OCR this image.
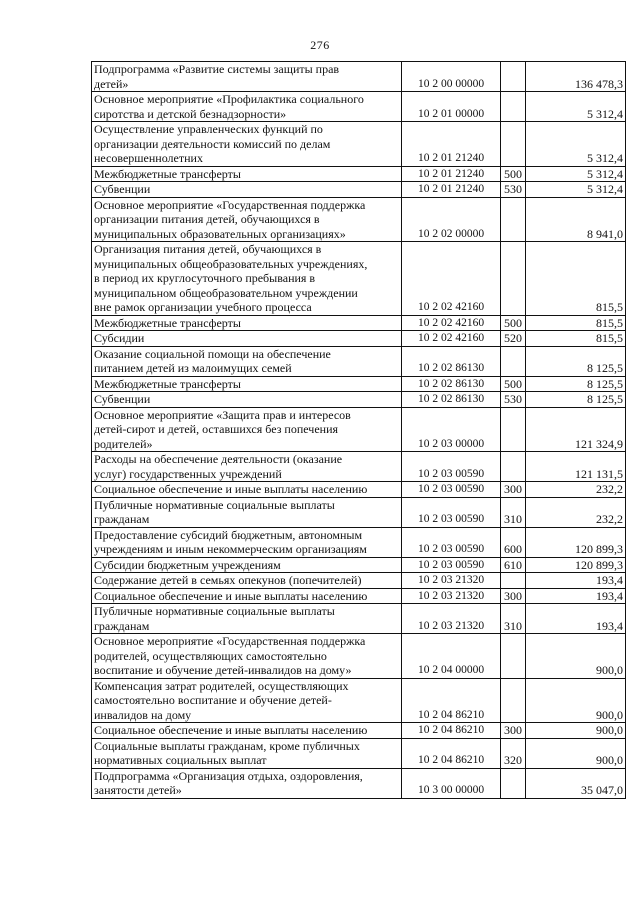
276
Подпрограмма «Развитие системы защиты прав
детей»	10 2 00 00000		136 478,3
Основное мероприятие «Профилактика социального
сиротства и детской безнадзорности»	10 2 01 00000		5 312,4
Осуществление управленческих функций по
организации деятельности комиссий по делам
несовершеннолетних	10 2 01 21240		5 312,4
Межбюджетные трансферты	10 2 01 21240	500	5 312,4
Субвенции	10 2 01 21240	530	5 312,4
Основное мероприятие «Государственная поддержка
организации питания детей, обучающихся в
муниципальных образовательных организациях»	10 2 02 00000		8 941,0
Организация питания детей, обучающихся в
муниципальных общеобразовательных учреждениях,
в период их круглосуточного пребывания в
муниципальном общеобразовательном учреждении
вне рамок организации учебного процесса	10 2 02 42160		815,5
Межбюджетные трансферты	10 2 02 42160	500	815,5
Субсидии	10 2 02 42160	520	815,5
Оказание социальной помощи на обеспечение
питанием детей из малоимущих семей	10 2 02 86130		8 125,5
Межбюджетные трансферты	10 2 02 86130	500	8 125,5
Субвенции	10 2 02 86130	530	8 125,5
Основное мероприятие «Защита прав и интересов
детей-сирот и детей, оставшихся без попечения
родителей»	10 2 03 00000		121 324,9
Расходы на обеспечение деятельности (оказание
услуг) государственных учреждений	10 2 03 00590		121 131,5
Социальное обеспечение и иные выплаты населению	10 2 03 00590	300	232,2
Публичные нормативные социальные выплаты
гражданам	10 2 03 00590	310	232,2
Предоставление субсидий бюджетным, автономным
учреждениям и иным некоммерческим организациям	10 2 03 00590	600	120 899,3
Субсидии бюджетным учреждениям	10 2 03 00590	610	120 899,3
Содержание детей в семьях опекунов (попечителей)	10 2 03 21320		193,4
Социальное обеспечение и иные выплаты населению	10 2 03 21320	300	193,4
Публичные нормативные социальные выплаты
гражданам	10 2 03 21320	310	193,4
Основное мероприятие «Государственная поддержка
родителей, осуществляющих самостоятельно
воспитание и обучение детей-инвалидов на дому»	10 2 04 00000		900,0
Компенсация затрат родителей, осуществляющих
самостоятельно воспитание и обучение детей-
инвалидов на дому	10 2 04 86210		900,0
Социальное обеспечение и иные выплаты населению	10 2 04 86210	300	900,0
Социальные выплаты гражданам, кроме публичных
нормативных социальных выплат	10 2 04 86210	320	900,0
Подпрограмма «Организация отдыха, оздоровления,
занятости детей»	10 3 00 00000		35 047,0
